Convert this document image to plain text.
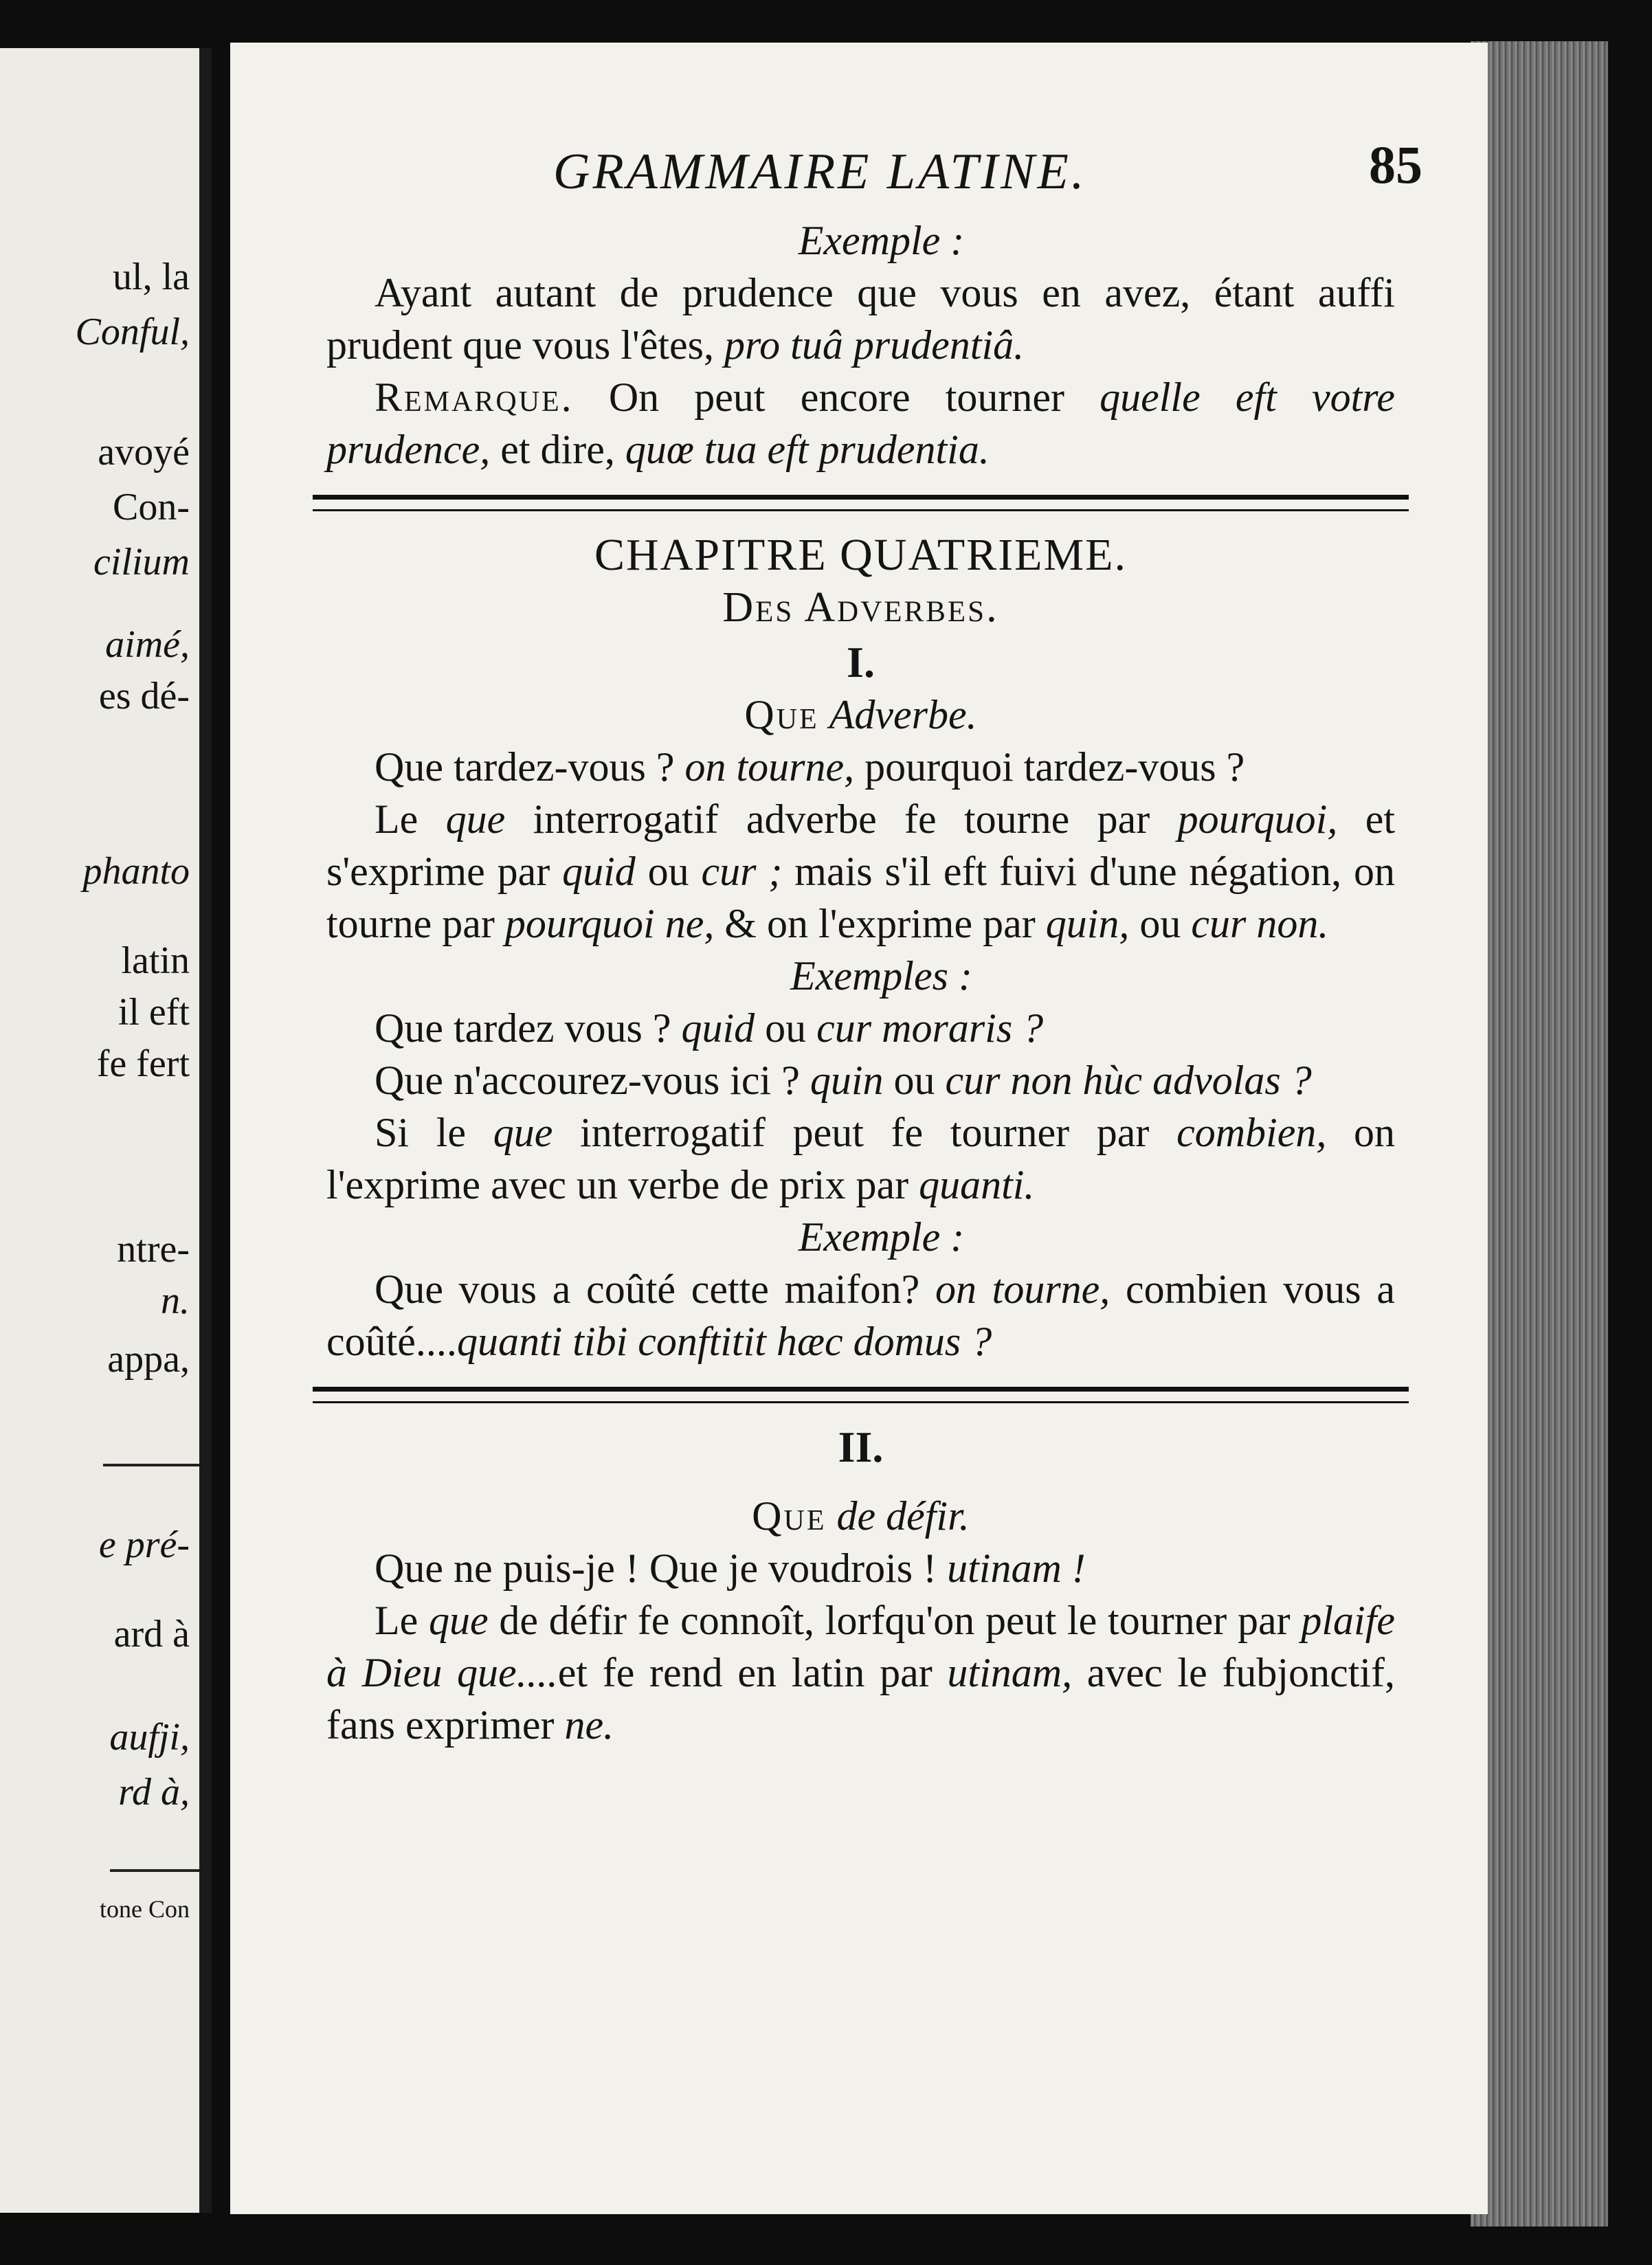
ul, la
Conful,
avoyé
Con-
cilium
aimé,
es dé-
phanto
latin
il eft
fe fert
ntre-
n.
appa,
e pré-
ard à
aufji,
rd à,
tone Con
GRAMMAIRE LATINE.	85
Exemple :

Ayant autant de prudence que vous en avez, étant auffi prudent que vous l'êtes, pro tuâ prudentiâ.

Remarque. On peut encore tourner quelle eft votre prudence, et dire, quœ tua eft prudentia.

CHAPITRE QUATRIEME.
Des Adverbes.
I.
Que Adverbe.

Que tardez-vous ? on tourne, pourquoi tardez-vous ?

Le que interrogatif adverbe fe tourne par pourquoi, et s'exprime par quid ou cur ; mais s'il eft fuivi d'une négation, on tourne par pourquoi ne, & on l'exprime par quin, ou cur non.

Exemples :

Que tardez vous ? quid ou cur moraris ?

Que n'accourez-vous ici ? quin ou cur non hùc advolas ?

Si le que interrogatif peut fe tourner par combien, on l'exprime avec un verbe de prix par quanti.

Exemple :

Que vous a coûté cette maifon? on tourne, combien vous a coûté....quanti tibi conftitit hæc domus ?

II.
Que de défir.

Que ne puis-je ! Que je voudrois ! utinam !

Le que de défir fe connoît, lorfqu'on peut le tourner par plaife à Dieu que....et fe rend en latin par utinam, avec le fubjonctif, fans exprimer ne.
